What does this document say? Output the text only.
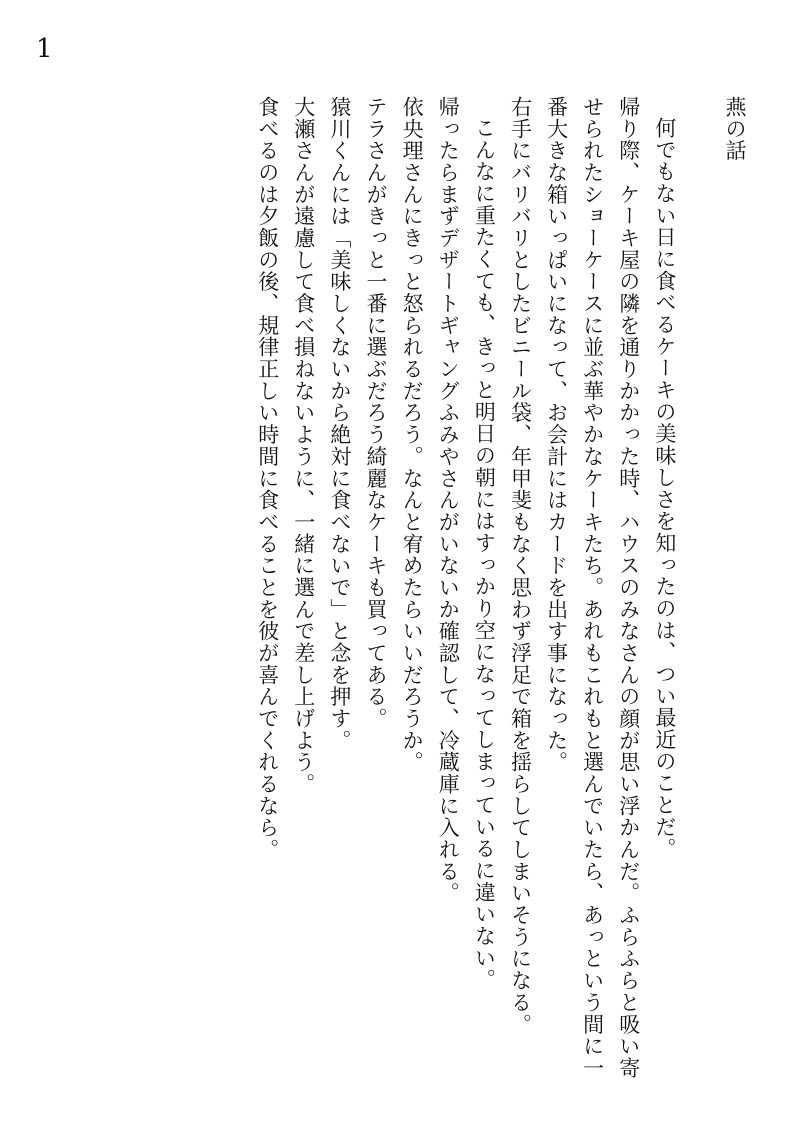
1

燕の話

何でもない日に食べるケーキの美味しさを知ったのは、つい最近のことだ。

帰り際、ケーキ屋の隣を通りかかった時、ハウスのみなさんの顔が思い浮かんだ。ふらふらと吸い寄せられたショーケースに並ぶ華やかなケーキたち。あれもこれもと選んでいたら、あっという間に一番大きな箱いっぱいになって、お会計にはカードを出す事になった。

右手にバリバリとしたビニール袋、年甲斐もなく思わず浮足で箱を揺らしてしまいそうになる。

こんなに重たくても、きっと明日の朝にはすっかり空になってしまっているに違いない。

帰ったらまずデザートギャングふみやさんがいないか確認して、冷蔵庫に入れる。

依央理さんにきっと怒られるだろう。なんと宥めたらいいだろうか。

テラさんがきっと一番に選ぶだろう綺麗なケーキも買ってある。

猿川くんには「美味しくないから絶対に食べないで」と念を押す。

大瀬さんが遠慮して食べ損ねないように、一緒に選んで差し上げよう。

食べるのは夕飯の後、規律正しい時間に食べることを彼が喜んでくれるなら。
